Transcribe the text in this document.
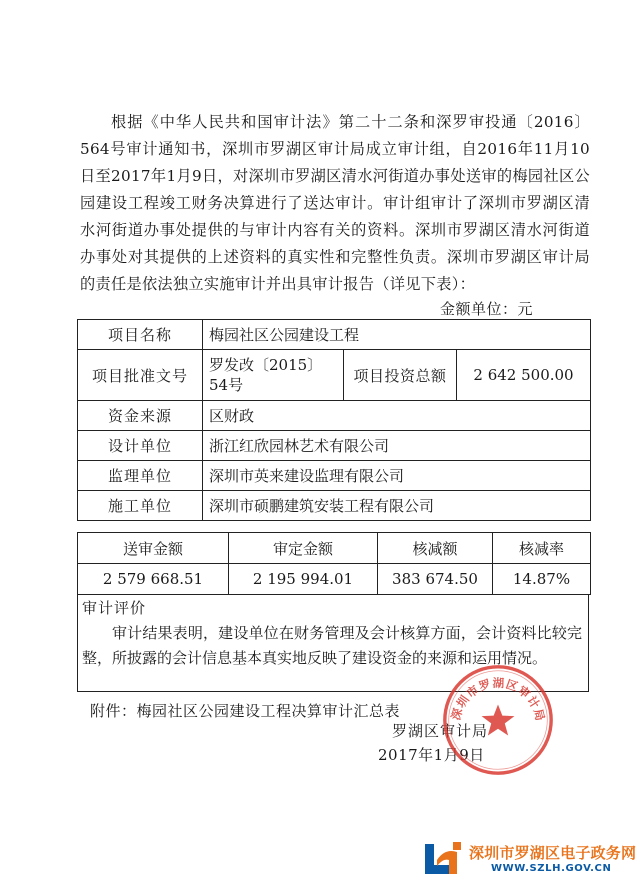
根据《中华人民共和国审计法》第二十二条和深罗审投通〔2016〕564号审计通知书，深圳市罗湖区审计局成立审计组，自2016年11月10日至2017年1月9日，对深圳市罗湖区清水河街道办事处送审的梅园社区公园建设工程竣工财务决算进行了送达审计。审计组审计了深圳市罗湖区清水河街道办事处提供的与审计内容有关的资料。深圳市罗湖区清水河街道办事处对其提供的上述资料的真实性和完整性负责。深圳市罗湖区审计局的责任是依法独立实施审计并出具审计报告（详见下表）：

金额单位：元
项目名称	梅园社区公园建设工程		
项目批准文号	罗发改〔2015〕54号	项目投资总额	2 642 500.00
资金来源	区财政		
设计单位	浙江红欣园林艺术有限公司		
监理单位	深圳市英来建设监理有限公司		
施工单位	深圳市硕鹏建筑安装工程有限公司		
送审金额	审定金额	核减额	核减率
2 579 668.51	2 195 994.01	383 674.50	14.87%
审计评价
审计结果表明，建设单位在财务管理及会计核算方面，会计资料比较完整，所披露的会计信息基本真实地反映了建设资金的来源和运用情况。
附件：梅园社区公园建设工程决算审计汇总表
罗湖区审计局
2017年1月9日
深圳市罗湖区审计局
深圳市罗湖区电子政务网
WWW.SZLH.GOV.CN
